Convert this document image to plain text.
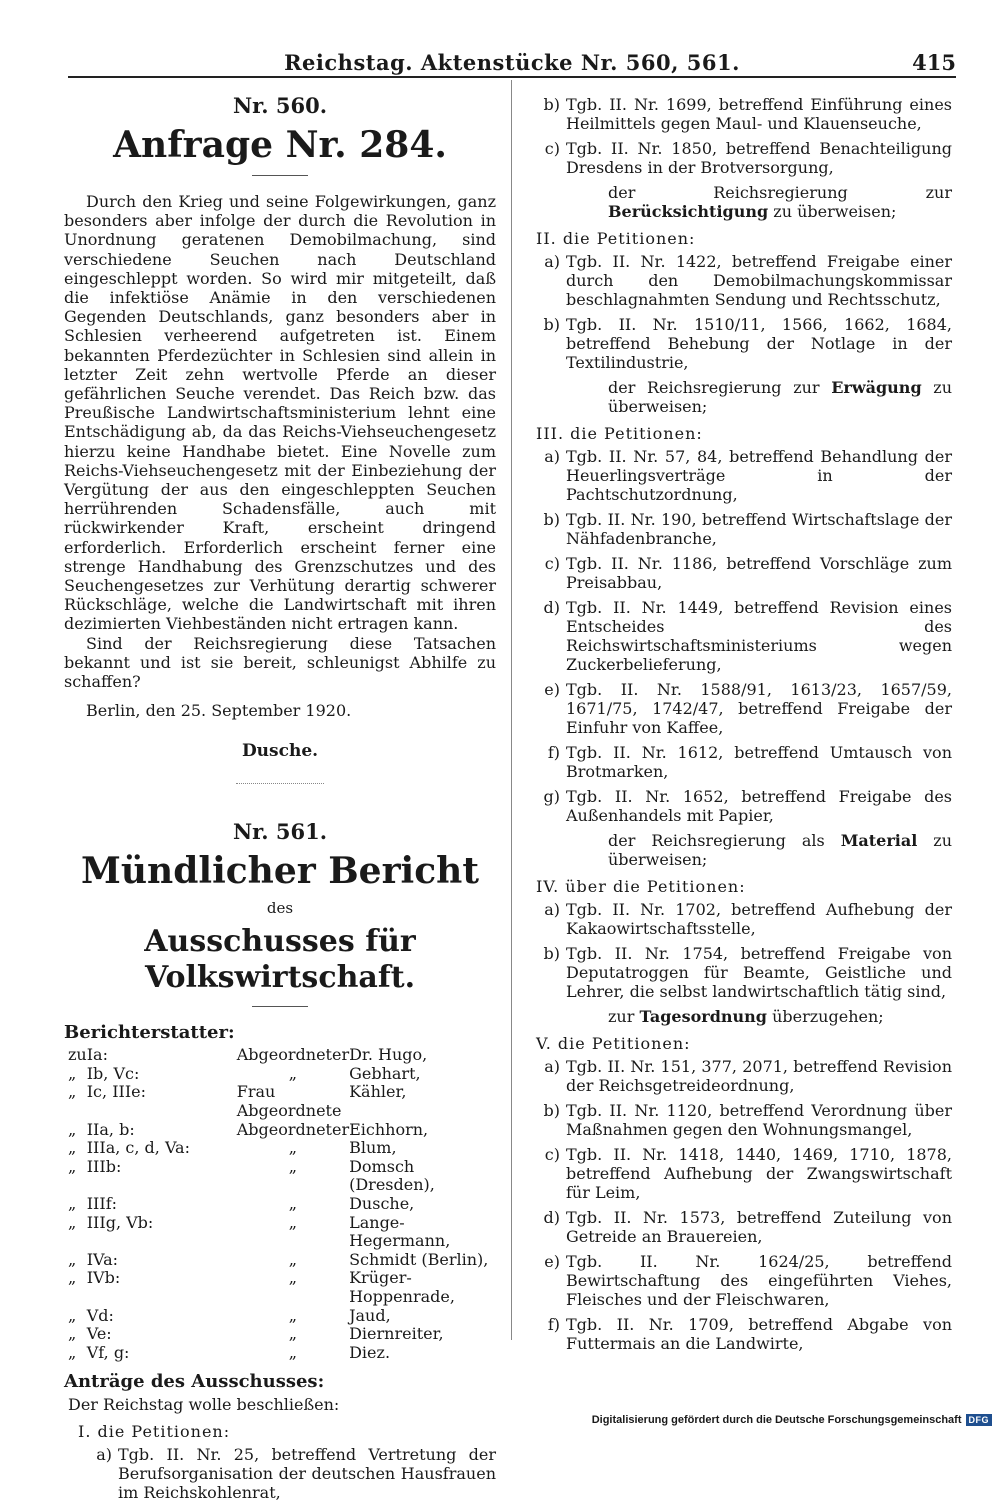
Reichstag. Aktenstücke Nr. 560, 561.	415
Nr. 560.
Anfrage Nr. 284.

Durch den Krieg und seine Folgewirkungen, ganz besonders aber infolge der durch die Revolution in Unordnung geratenen Demobilmachung, sind verschiedene Seuchen nach Deutschland eingeschleppt worden. So wird mir mitgeteilt, daß die infektiöse Anämie in den verschiedenen Gegenden Deutschlands, ganz besonders aber in Schlesien verheerend aufgetreten ist. Einem bekannten Pferdezüchter in Schlesien sind allein in letzter Zeit zehn wertvolle Pferde an dieser gefährlichen Seuche verendet. Das Reich bzw. das Preußische Landwirtschaftsministerium lehnt eine Entschädigung ab, da das Reichs-Viehseuchengesetz hierzu keine Handhabe bietet. Eine Novelle zum Reichs-Viehseuchengesetz mit der Einbeziehung der Vergütung der aus den eingeschleppten Seuchen herrührenden Schadensfälle, auch mit rückwirkender Kraft, erscheint dringend erforderlich. Erforderlich erscheint ferner eine strenge Handhabung des Grenzschutzes und des Seuchengesetzes zur Verhütung derartig schwerer Rückschläge, welche die Landwirtschaft mit ihren dezimierten Viehbeständen nicht ertragen kann.

Sind der Reichsregierung diese Tatsachen bekannt und ist sie bereit, schleunigst Abhilfe zu schaffen?

Berlin, den 25. September 1920.
Dusche.
Nr. 561.
Mündlicher Bericht
des
Ausschusses für Volkswirtschaft.
Berichterstatter:
zu	Ia:	Abgeordneter	Dr. Hugo,
„	Ib, Vc:	„	Gebhart,
„	Ic, IIIe:	Frau Abgeordnete	Kähler,
„	IIa, b:	Abgeordneter	Eichhorn,
„	IIIa, c, d, Va:	„	Blum,
„	IIIb:	„	Domsch (Dresden),
„	IIIf:	„	Dusche,
„	IIIg, Vb:	„	Lange-Hegermann,
„	IVa:	„	Schmidt (Berlin),
„	IVb:	„	Krüger-Hoppenrade,
„	Vd:	„	Jaud,
„	Ve:	„	Diernreiter,
„	Vf, g:	„	Diez.
Anträge des Ausschusses:
Der Reichstag wolle beschließen:
I. die Petitionen:
a) Tgb. II. Nr. 25, betreffend Vertretung der Berufsorganisation der deutschen Hausfrauen im Reichskohlenrat,
b) Tgb. II. Nr. 1699, betreffend Einführung eines Heilmittels gegen Maul- und Klauenseuche,
c) Tgb. II. Nr. 1850, betreffend Benachteiligung Dresdens in der Brotversorgung,
der Reichsregierung zur Berücksichtigung zu überweisen;
II. die Petitionen:
a) Tgb. II. Nr. 1422, betreffend Freigabe einer durch den Demobilmachungskommissar beschlagnahmten Sendung und Rechtsschutz,
b) Tgb. II. Nr. 1510/11, 1566, 1662, 1684, betreffend Behebung der Notlage in der Textilindustrie,
der Reichsregierung zur Erwägung zu überweisen;
III. die Petitionen:
a) Tgb. II. Nr. 57, 84, betreffend Behandlung der Heuerlingsverträge in der Pachtschutzordnung,
b) Tgb. II. Nr. 190, betreffend Wirtschaftslage der Nähfadenbranche,
c) Tgb. II. Nr. 1186, betreffend Vorschläge zum Preisabbau,
d) Tgb. II. Nr. 1449, betreffend Revision eines Entscheides des Reichswirtschaftsministeriums wegen Zuckerbelieferung,
e) Tgb. II. Nr. 1588/91, 1613/23, 1657/59, 1671/75, 1742/47, betreffend Freigabe der Einfuhr von Kaffee,
f) Tgb. II. Nr. 1612, betreffend Umtausch von Brotmarken,
g) Tgb. II. Nr. 1652, betreffend Freigabe des Außenhandels mit Papier,
der Reichsregierung als Material zu überweisen;
IV. über die Petitionen:
a) Tgb. II. Nr. 1702, betreffend Aufhebung der Kakaowirtschaftsstelle,
b) Tgb. II. Nr. 1754, betreffend Freigabe von Deputatroggen für Beamte, Geistliche und Lehrer, die selbst landwirtschaftlich tätig sind,
zur Tagesordnung überzugehen;
V. die Petitionen:
a) Tgb. II. Nr. 151, 377, 2071, betreffend Revision der Reichsgetreideordnung,
b) Tgb. II. Nr. 1120, betreffend Verordnung über Maßnahmen gegen den Wohnungsmangel,
c) Tgb. II. Nr. 1418, 1440, 1469, 1710, 1878, betreffend Aufhebung der Zwangswirtschaft für Leim,
d) Tgb. II. Nr. 1573, betreffend Zuteilung von Getreide an Brauereien,
e) Tgb. II. Nr. 1624/25, betreffend Bewirtschaftung des eingeführten Viehes, Fleisches und der Fleischwaren,
f) Tgb. II. Nr. 1709, betreffend Abgabe von Futtermais an die Landwirte,
Digitalisierung gefördert durch die Deutsche Forschungsgemeinschaft DFG
